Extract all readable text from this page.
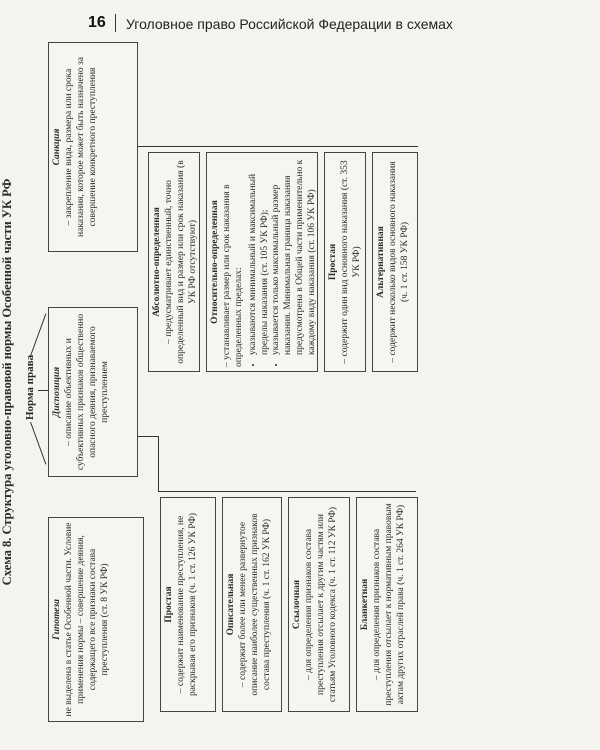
16 Уголовное право Российской Федерации в схемах
Схема 8. Структура уголовно-правовой нормы Особенной части УК РФ Норма права
Гипотеза не выделена в статье Особенной части. Условие применения нормы – совершение деяния, содержащего все признаки состава преступления (ст. 8 УК РФ)
Диспозиция – описание объективных и субъективных признаков общественно опасного деяния, признаваемого преступлением
Санкция – закрепление вида, размера или срока наказания, которое может быть назначено за совершение конкретного преступления
Простая – содержит наименование преступления, не раскрывая его признаков (ч. 1 ст. 126 УК РФ)	Описательная – содержит более или менее развернутое описание наиболее существенных признаков состава преступления (ч. 1 ст. 162 УК РФ)	Ссылочная – для определения признаков состава преступления отсылает к другим частям или статьям Уголовного кодекса (ч. 1 ст. 112 УК РФ)	Бланкетная – для определения признаков состава преступления отсылает к нормативным правовым актам других отраслей права (ч. 1 ст. 264 УК РФ)
Абсолютно-определенная – предусматривает единственный, точно определенный вид и размер или срок наказания (в УК РФ отсутствуют) Относительно-определенная – устанавливает размер или срок наказания в определенных пределах: • указываются минимальный и максимальный пределы наказания (ст. 105 УК РФ); • указывается только максимальный размер наказания. Минимальная граница наказания предусмотрена в Общей части применительно к каждому виду наказания (ст. 106 УК РФ) Простая – содержит один вид основного наказания (ст. 353 УК РФ)	Альтернативная – содержит несколько видов основного наказания (ч. 1 ст. 158 УК РФ)
